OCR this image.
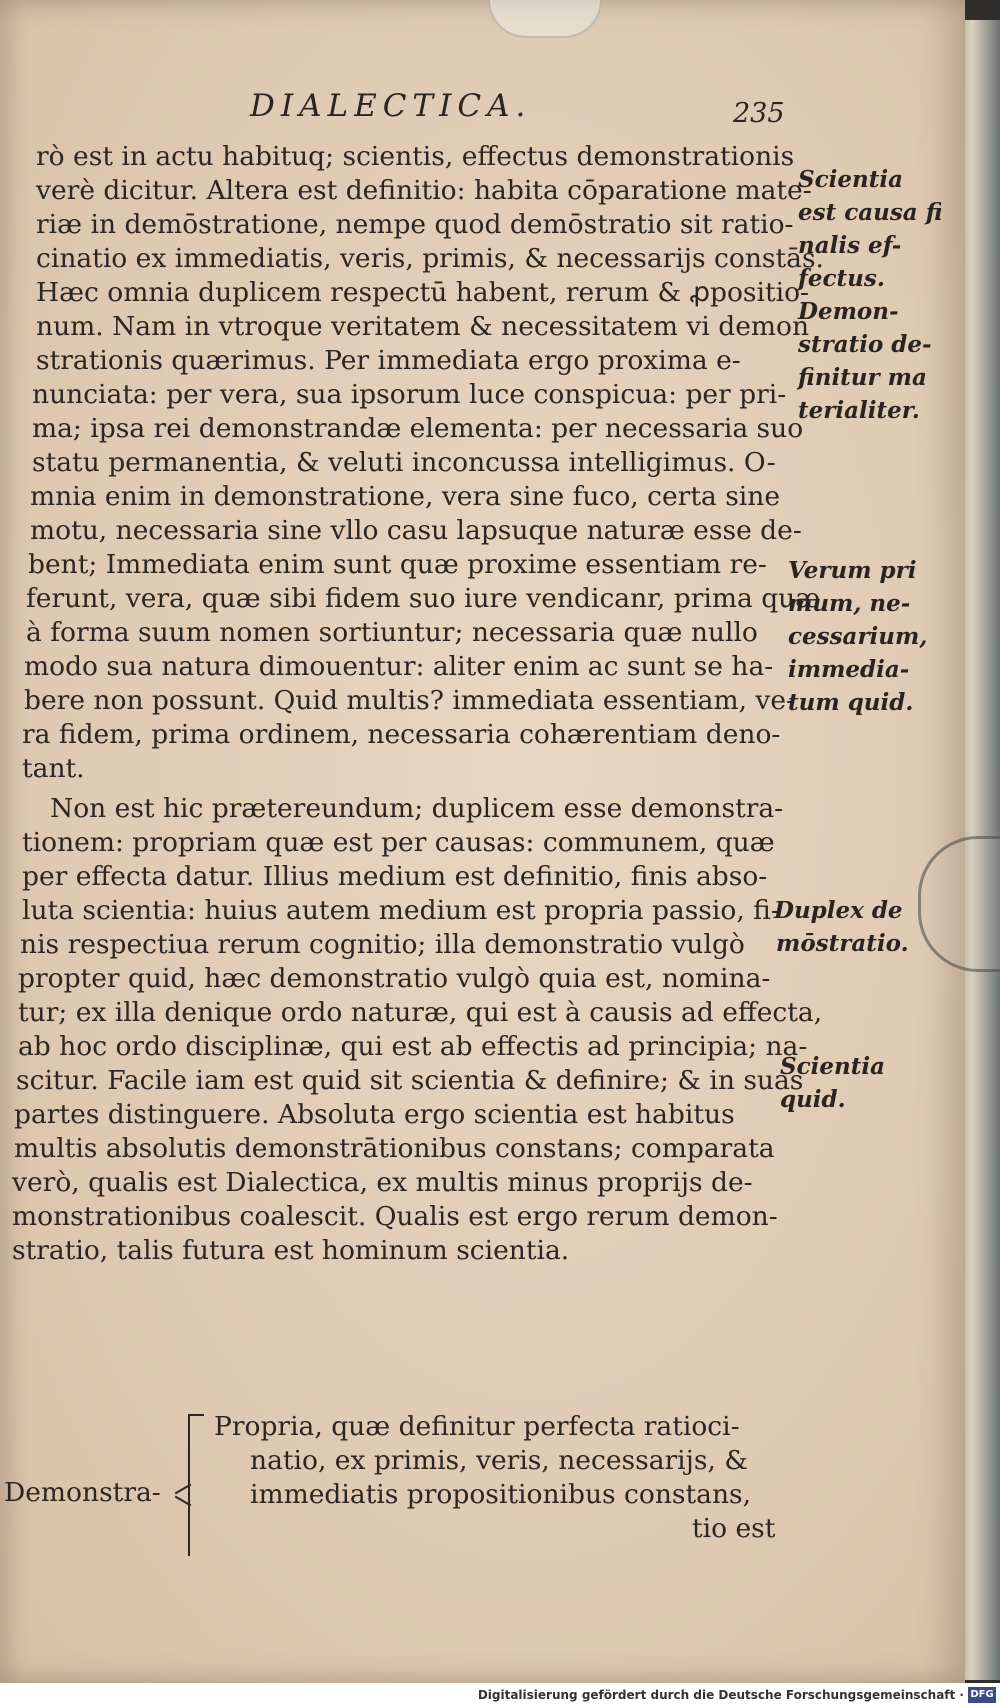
DIALECTICA.	235
rò est in actu habituq; scientis, effectus demonstrationis
verè dicitur. Altera est definitio: habita cōparatione mate-
riæ in demōstratione, nempe quod demōstratio sit ratio-
cinatio ex immediatis, veris, primis, & necessarijs constās.
Hæc omnia duplicem respectū habent, rerum & ꝓpositio-
num. Nam in vtroque veritatem & necessitatem vi demon
strationis quærimus. Per immediata ergo proxima e-
nunciata: per vera, sua ipsorum luce conspicua: per pri-
ma; ipsa rei demonstrandæ elementa: per necessaria suo
statu permanentia, & veluti inconcussa intelligimus. O-
mnia enim in demonstratione, vera sine fuco, certa sine
motu, necessaria sine vllo casu lapsuque naturæ esse de-
bent; Immediata enim sunt quæ proxime essentiam re-
ferunt, vera, quæ sibi fidem suo iure vendicanr, prima quæ
à forma suum nomen sortiuntur; necessaria quæ nullo
modo sua natura dimouentur: aliter enim ac sunt se ha-
bere non possunt. Quid multis? immediata essentiam, ve-
ra fidem, prima ordinem, necessaria cohærentiam deno-
tant.
Non est hic prætereundum; duplicem esse demonstra-
tionem: propriam quæ est per causas: communem, quæ
per effecta datur. Illius medium est definitio, finis abso-
luta scientia: huius autem medium est propria passio, fi-
nis respectiua rerum cognitio; illa demonstratio vulgò
propter quid, hæc demonstratio vulgò quia est, nomina-
tur; ex illa denique ordo naturæ, qui est à causis ad effecta,
ab hoc ordo disciplinæ, qui est ab effectis ad principia; na-
scitur. Facile iam est quid sit scientia & definire; & in suas
partes distinguere. Absoluta ergo scientia est habitus
multis absolutis demonstrātionibus constans; comparata
verò, qualis est Dialectica, ex multis minus proprijs de-
monstrationibus coalescit. Qualis est ergo rerum demon-
stratio, talis futura est hominum scientia.
Scientia
est causa fi
nalis ef-
fectus.
Demon-
stratio de-
finitur ma
terialiter.
Verum pri
mum, ne-
cessarium,
immedia-
tum quid.
Duplex de
mōstratio.
Scientia
quid.
Demonstra-
Propria, quæ definitur perfecta ratioci-
natio, ex primis, veris, necessarijs, &
immediatis propositionibus constans,
tio est
Digitalisierung gefördert durch die Deutsche Forschungsgemeinschaft · DFG
